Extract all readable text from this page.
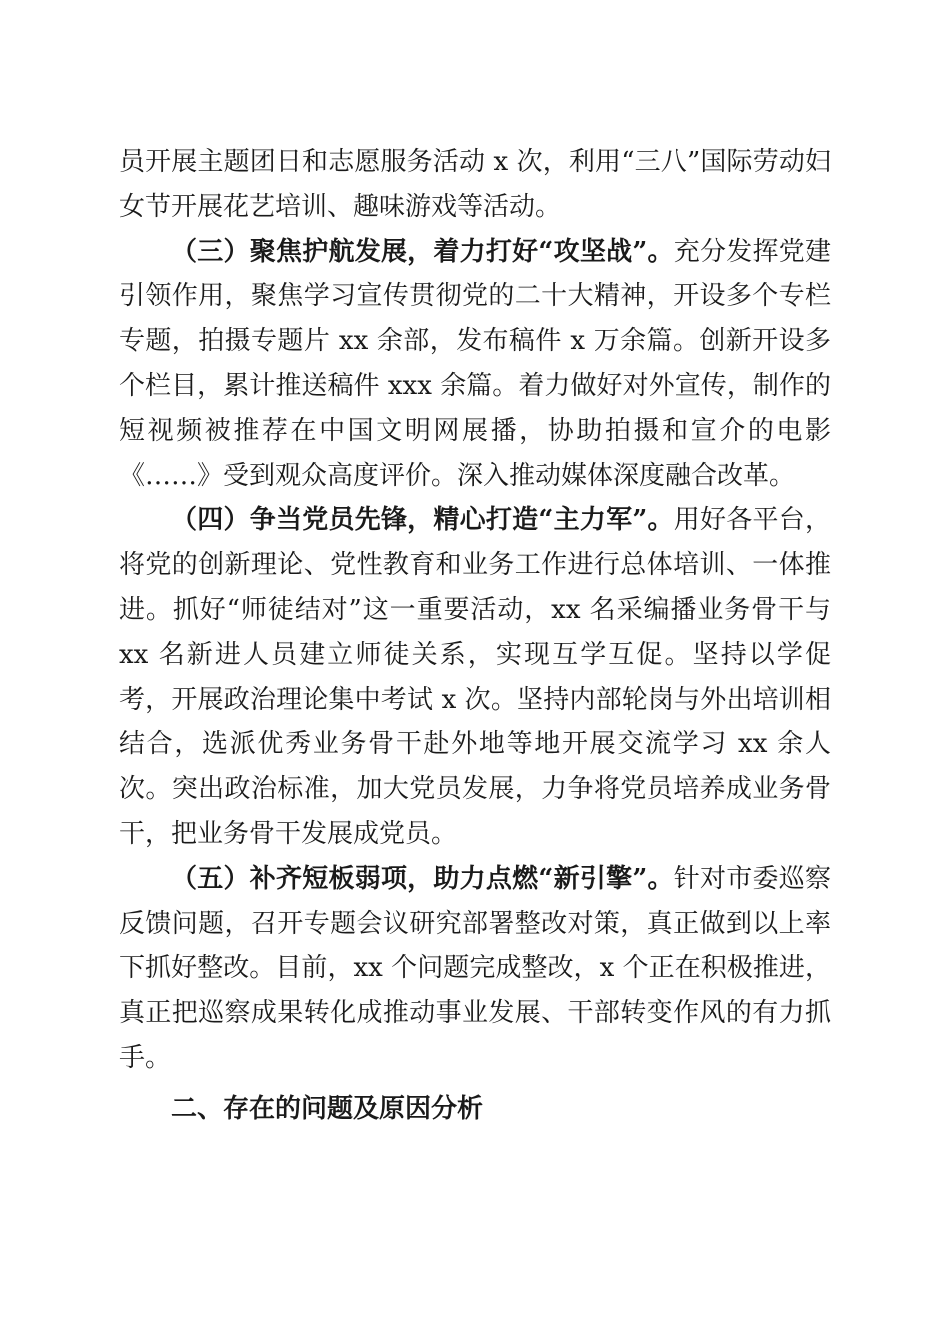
员开展主题团日和志愿服务活动 x 次，利用“三八”国际劳动妇女节开展花艺培训、趣味游戏等活动。

（三）聚焦护航发展，着力打好“攻坚战”。充分发挥党建引领作用，聚焦学习宣传贯彻党的二十大精神，开设多个专栏专题，拍摄专题片 xx 余部，发布稿件 x 万余篇。创新开设多个栏目，累计推送稿件 xxx 余篇。着力做好对外宣传，制作的短视频被推荐在中国文明网展播，协助拍摄和宣介的电影《……》受到观众高度评价。深入推动媒体深度融合改革。

（四）争当党员先锋，精心打造“主力军”。用好各平台，将党的创新理论、党性教育和业务工作进行总体培训、一体推进。抓好“师徒结对”这一重要活动，xx 名采编播业务骨干与 xx 名新进人员建立师徒关系，实现互学互促。坚持以学促考，开展政治理论集中考试 x 次。坚持内部轮岗与外出培训相结合，选派优秀业务骨干赴外地等地开展交流学习 xx 余人次。突出政治标准，加大党员发展，力争将党员培养成业务骨干，把业务骨干发展成党员。

（五）补齐短板弱项，助力点燃“新引擎”。针对市委巡察反馈问题，召开专题会议研究部署整改对策，真正做到以上率下抓好整改。目前，xx 个问题完成整改，x 个正在积极推进，真正把巡察成果转化成推动事业发展、干部转变作风的有力抓手。

二、存在的问题及原因分析
